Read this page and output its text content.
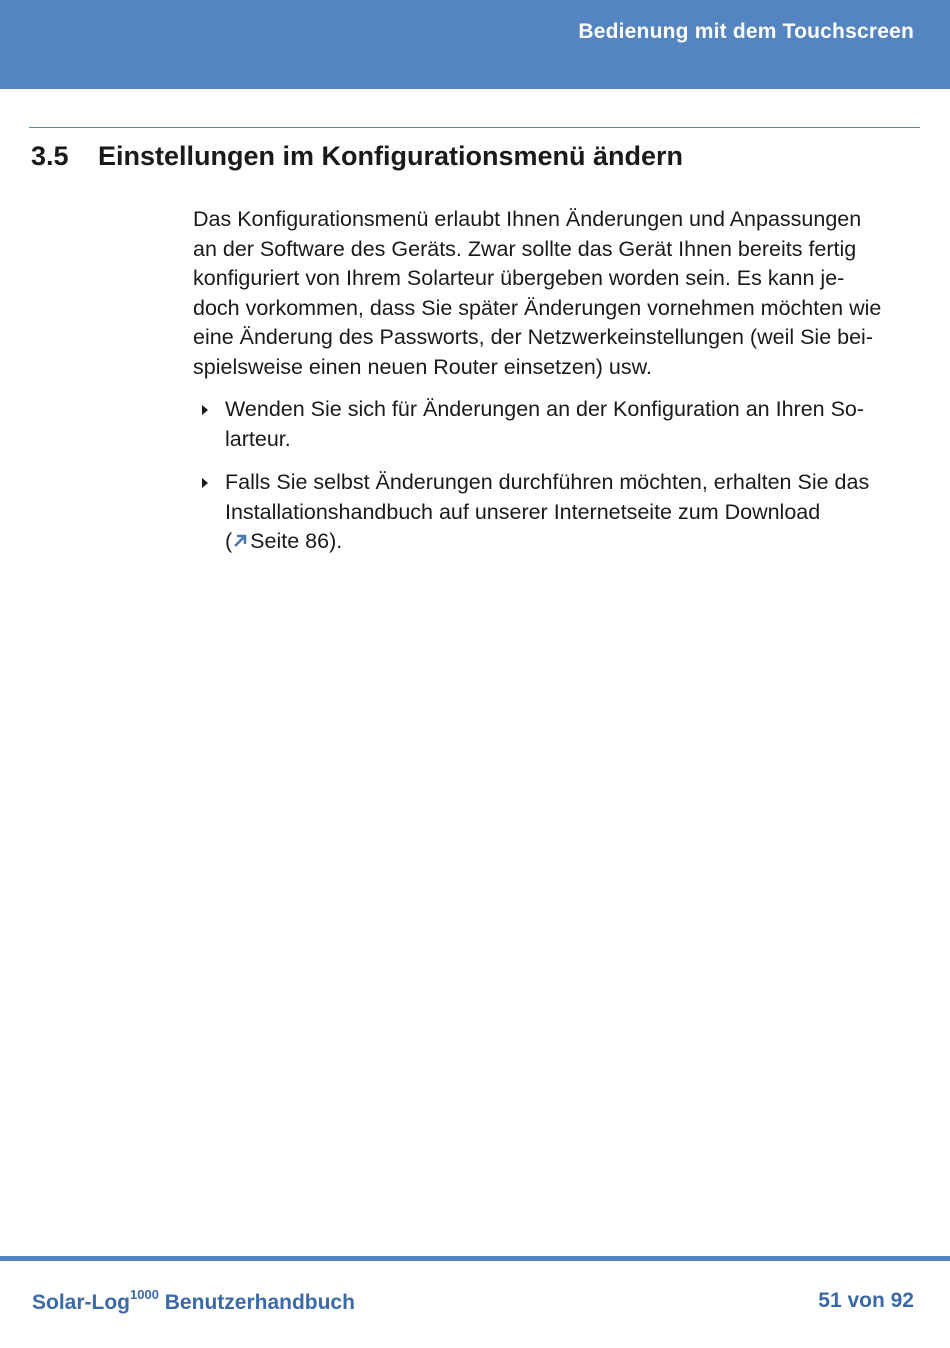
Bedienung mit dem Touchscreen
3.5 Einstellungen im Konfigurationsmenü ändern

Das Konfigurationsmenü erlaubt Ihnen Änderungen und Anpassungen
an der Software des Geräts. Zwar sollte das Gerät Ihnen bereits fertig
konfiguriert von Ihrem Solarteur übergeben worden sein. Es kann je-
doch vorkommen, dass Sie später Änderungen vornehmen möchten wie
eine Änderung des Passworts, der Netzwerkeinstellungen (weil Sie bei-
spielsweise einen neuen Router einsetzen) usw.

Wenden Sie sich für Änderungen an der Konfiguration an Ihren So-
larteur.
Falls Sie selbst Änderungen durchführen möchten, erhalten Sie das
Installationshandbuch auf unserer Internetseite zum Download
( Seite 86).
Solar-Log$^{1000}$ Benutzerhandbuch	51 von 92
